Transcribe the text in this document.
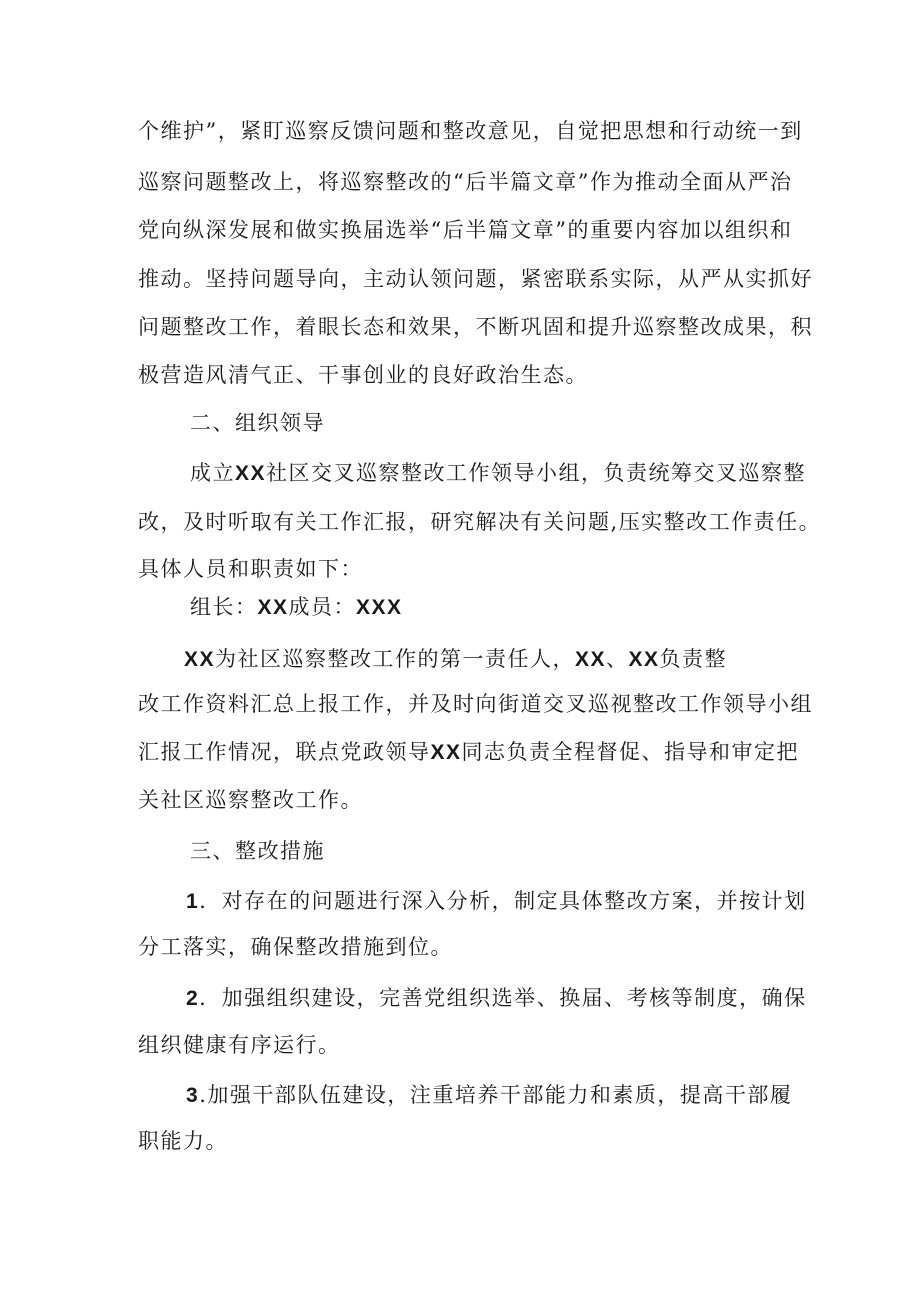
个维护”，紧盯巡察反馈问题和整改意见，自觉把思想和行动统一到

巡察问题整改上，将巡察整改的“后半篇文章”作为推动全面从严治

党向纵深发展和做实换届选举“后半篇文章”的重要内容加以组织和

推动。坚持问题导向，主动认领问题，紧密联系实际，从严从实抓好

问题整改工作，着眼长态和效果，不断巩固和提升巡察整改成果，积

极营造风清气正、干事创业的良好政治生态。

二、组织领导

成立XX社区交叉巡察整改工作领导小组，负责统筹交叉巡察整

改，及时听取有关工作汇报，研究解决有关问题,压实整改工作责任。

具体人员和职责如下：

组长：XX成员：XXX

XX为社区巡察整改工作的第一责任人，XX、XX负责整

改工作资料汇总上报工作，并及时向街道交叉巡视整改工作领导小组

汇报工作情况，联点党政领导XX同志负责全程督促、指导和审定把

关社区巡察整改工作。

三、整改措施

1．对存在的问题进行深入分析，制定具体整改方案，并按计划

分工落实，确保整改措施到位。

2．加强组织建设，完善党组织选举、换届、考核等制度，确保

组织健康有序运行。

3.加强干部队伍建设，注重培养干部能力和素质，提高干部履

职能力。
